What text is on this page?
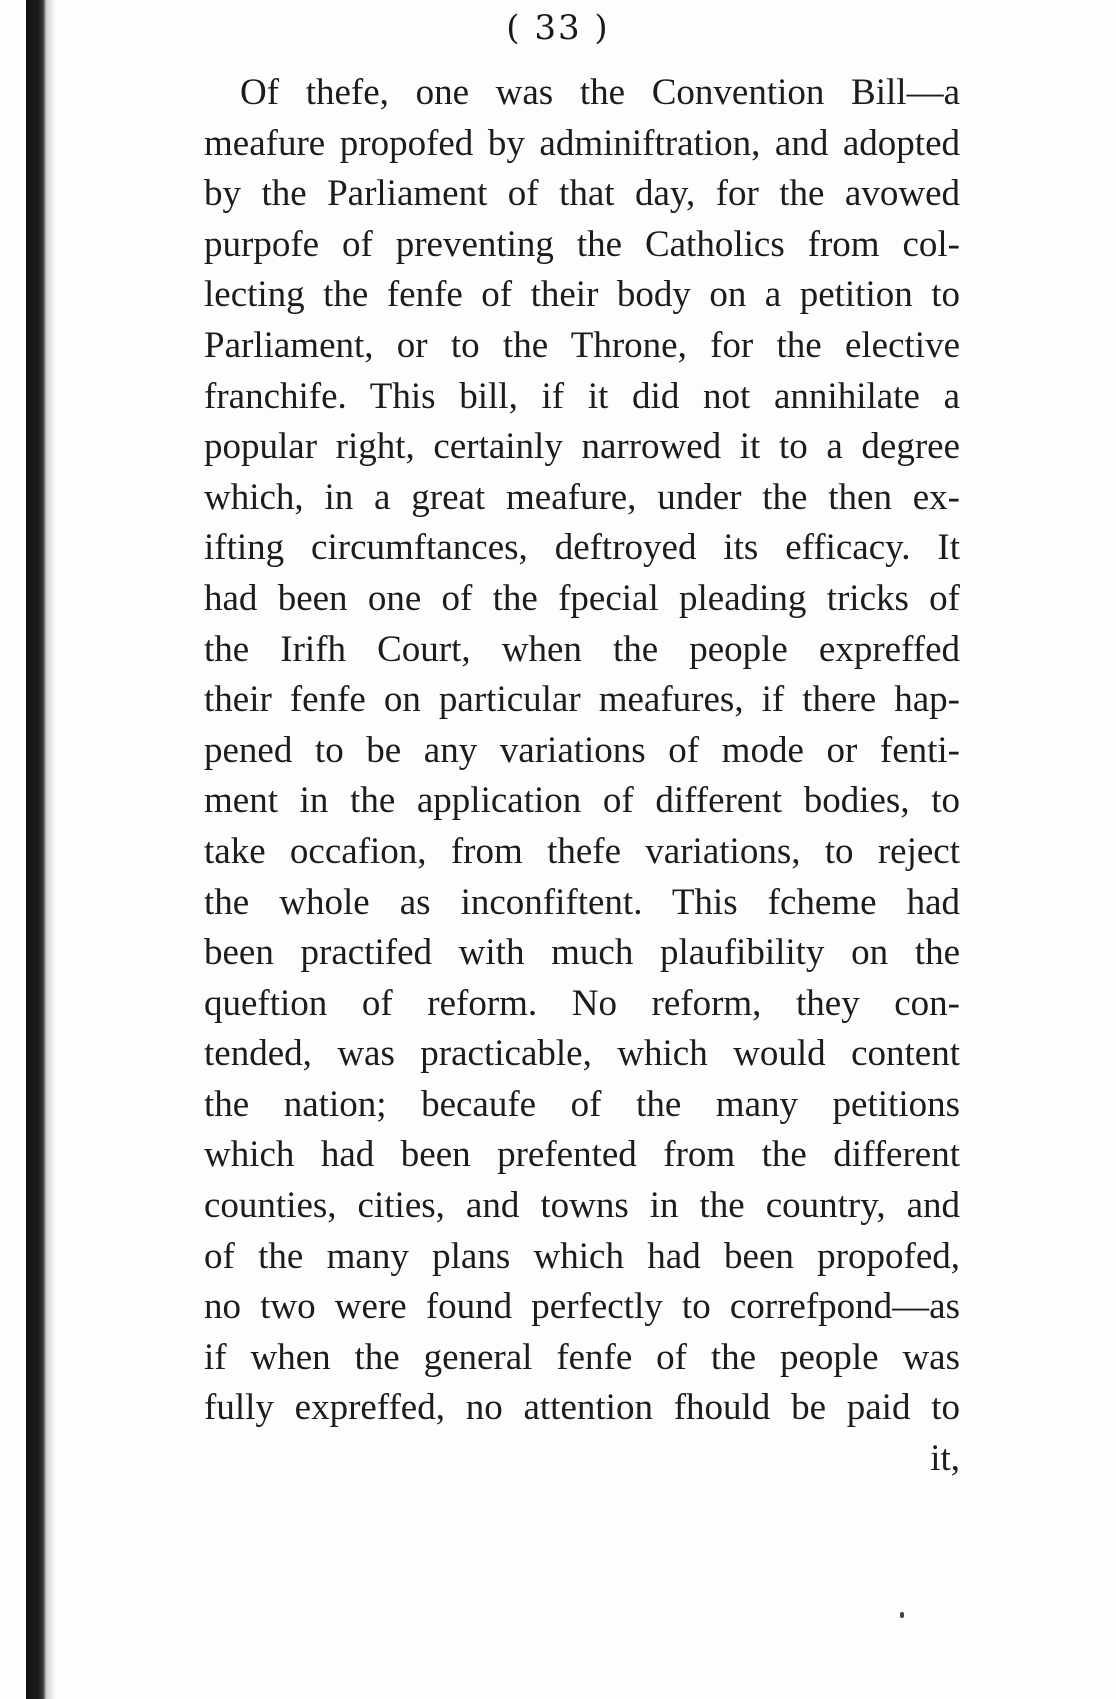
( 33 )
Of thefe, one was the Convention Bill—a
meafure propofed by adminiftration, and adopted
by the Parliament of that day, for the avowed
purpofe of preventing the Catholics from col-
lecting the fenfe of their body on a petition to
Parliament, or to the Throne, for the elective
franchife. This bill, if it did not annihilate a
popular right, certainly narrowed it to a degree
which, in a great meafure, under the then ex-
ifting circumftances, deftroyed its efficacy. It
had been one of the fpecial pleading tricks of
the Irifh Court, when the people expreffed
their fenfe on particular meafures, if there hap-
pened to be any variations of mode or fenti-
ment in the application of different bodies, to
take occafion, from thefe variations, to reject
the whole as inconfiftent. This fcheme had
been practifed with much plaufibility on the
queftion of reform. No reform, they con-
tended, was practicable, which would content
the nation; becaufe of the many petitions
which had been prefented from the different
counties, cities, and towns in the country, and
of the many plans which had been propofed,
no two were found perfectly to correfpond—as
if when the general fenfe of the people was
fully expreffed, no attention fhould be paid to
it,
